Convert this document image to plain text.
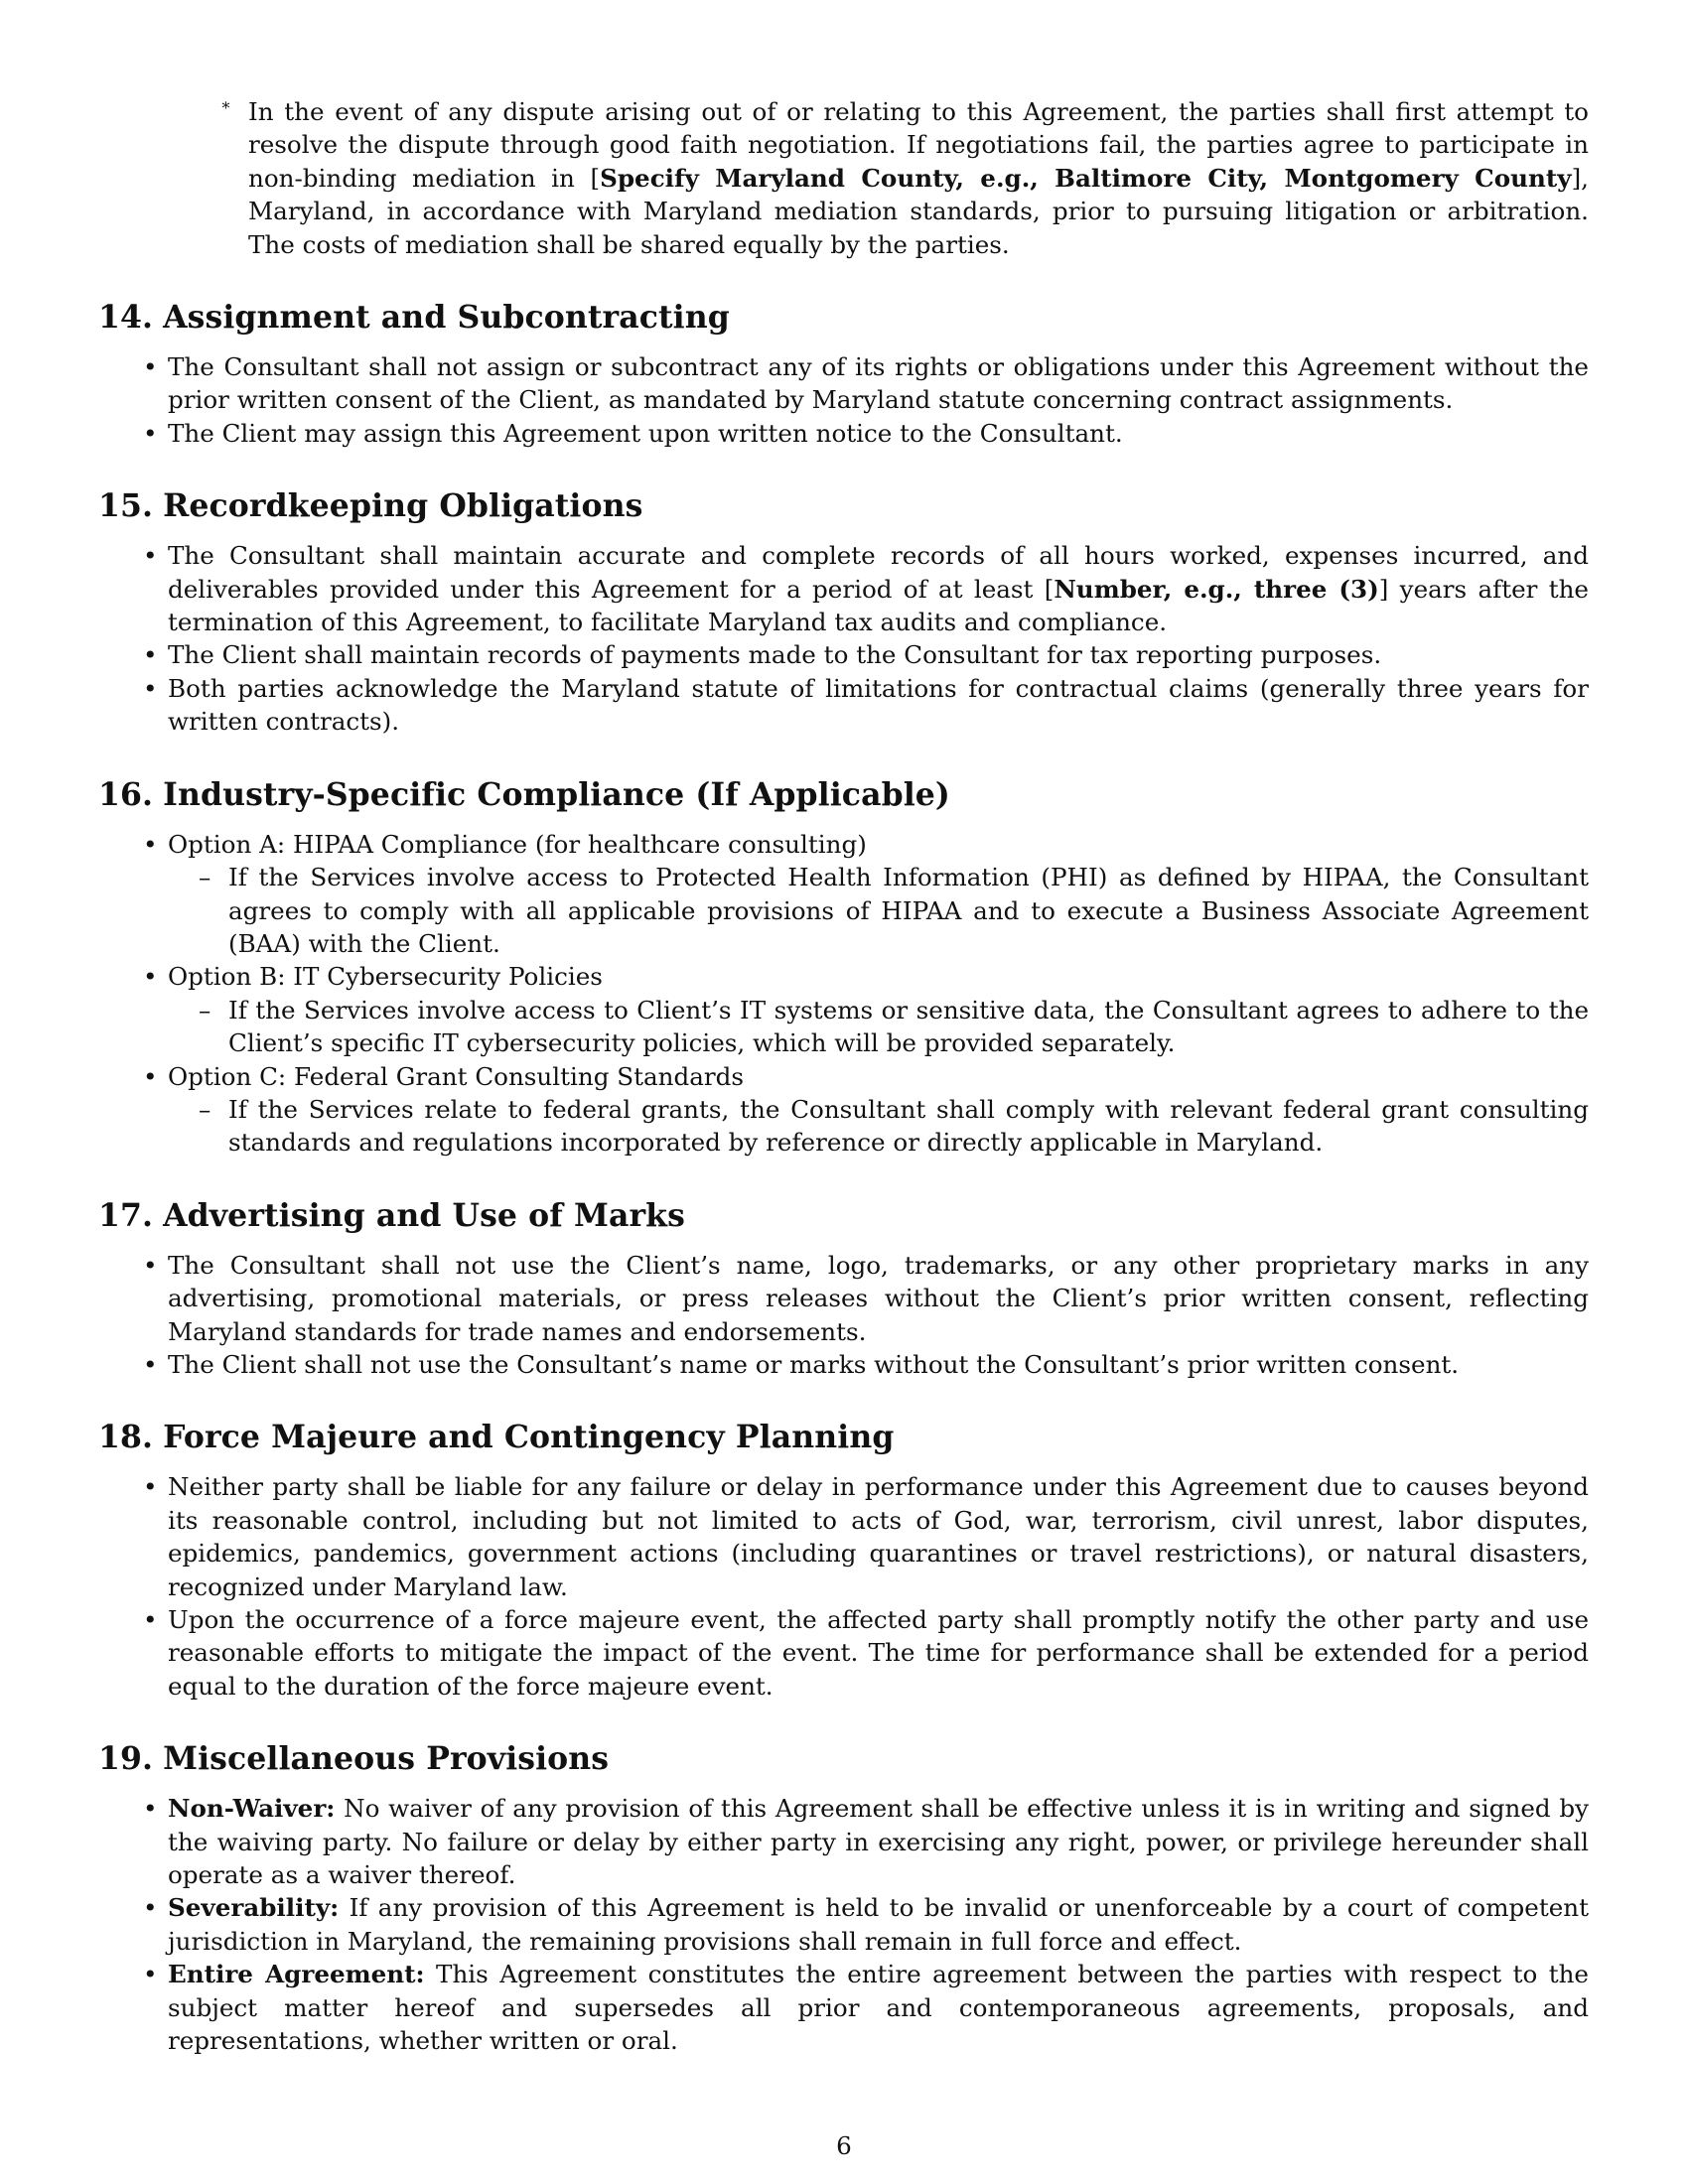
∗ In the event of any dispute arising out of or relating to this Agreement, the parties shall first attempt to resolve the dispute through good faith negotiation. If negotiations fail, the parties agree to participate in non-binding mediation in [Specify Maryland County, e.g., Baltimore City, Montgomery County], Maryland, in accordance with Maryland mediation standards, prior to pursuing litigation or arbitration. The costs of mediation shall be shared equally by the parties.

14. Assignment and Subcontracting
• The Consultant shall not assign or subcontract any of its rights or obligations under this Agreement without the prior written consent of the Client, as mandated by Maryland statute concerning contract assignments.
• The Client may assign this Agreement upon written notice to the Consultant.
15. Recordkeeping Obligations
• The Consultant shall maintain accurate and complete records of all hours worked, expenses incurred, and deliverables provided under this Agreement for a period of at least [Number, e.g., three (3)] years after the termination of this Agreement, to facilitate Maryland tax audits and compliance.
• The Client shall maintain records of payments made to the Consultant for tax reporting purposes.
• Both parties acknowledge the Maryland statute of limitations for contractual claims (generally three years for written contracts).
16. Industry-Specific Compliance (If Applicable)
• Option A: HIPAA Compliance (for healthcare consulting)
– If the Services involve access to Protected Health Information (PHI) as defined by HIPAA, the Consultant agrees to comply with all applicable provisions of HIPAA and to execute a Business Associate Agreement (BAA) with the Client.
• Option B: IT Cybersecurity Policies
– If the Services involve access to Client’s IT systems or sensitive data, the Consultant agrees to adhere to the Client’s specific IT cybersecurity policies, which will be provided separately.
• Option C: Federal Grant Consulting Standards
– If the Services relate to federal grants, the Consultant shall comply with relevant federal grant consulting standards and regulations incorporated by reference or directly applicable in Maryland.
17. Advertising and Use of Marks
• The Consultant shall not use the Client’s name, logo, trademarks, or any other proprietary marks in any advertising, promotional materials, or press releases without the Client’s prior written consent, reflecting Maryland standards for trade names and endorsements.
• The Client shall not use the Consultant’s name or marks without the Consultant’s prior written consent.
18. Force Majeure and Contingency Planning
• Neither party shall be liable for any failure or delay in performance under this Agreement due to causes beyond its reasonable control, including but not limited to acts of God, war, terrorism, civil unrest, labor disputes, epidemics, pandemics, government actions (including quarantines or travel restrictions), or natural disasters, recognized under Maryland law.
• Upon the occurrence of a force majeure event, the affected party shall promptly notify the other party and use reasonable efforts to mitigate the impact of the event. The time for performance shall be extended for a period equal to the duration of the force majeure event.
19. Miscellaneous Provisions
• Non-Waiver: No waiver of any provision of this Agreement shall be effective unless it is in writing and signed by the waiving party. No failure or delay by either party in exercising any right, power, or privilege hereunder shall operate as a waiver thereof.
• Severability: If any provision of this Agreement is held to be invalid or unenforceable by a court of competent jurisdiction in Maryland, the remaining provisions shall remain in full force and effect.
• Entire Agreement: This Agreement constitutes the entire agreement between the parties with respect to the subject matter hereof and supersedes all prior and contemporaneous agreements, proposals, and representations, whether written or oral.
6
